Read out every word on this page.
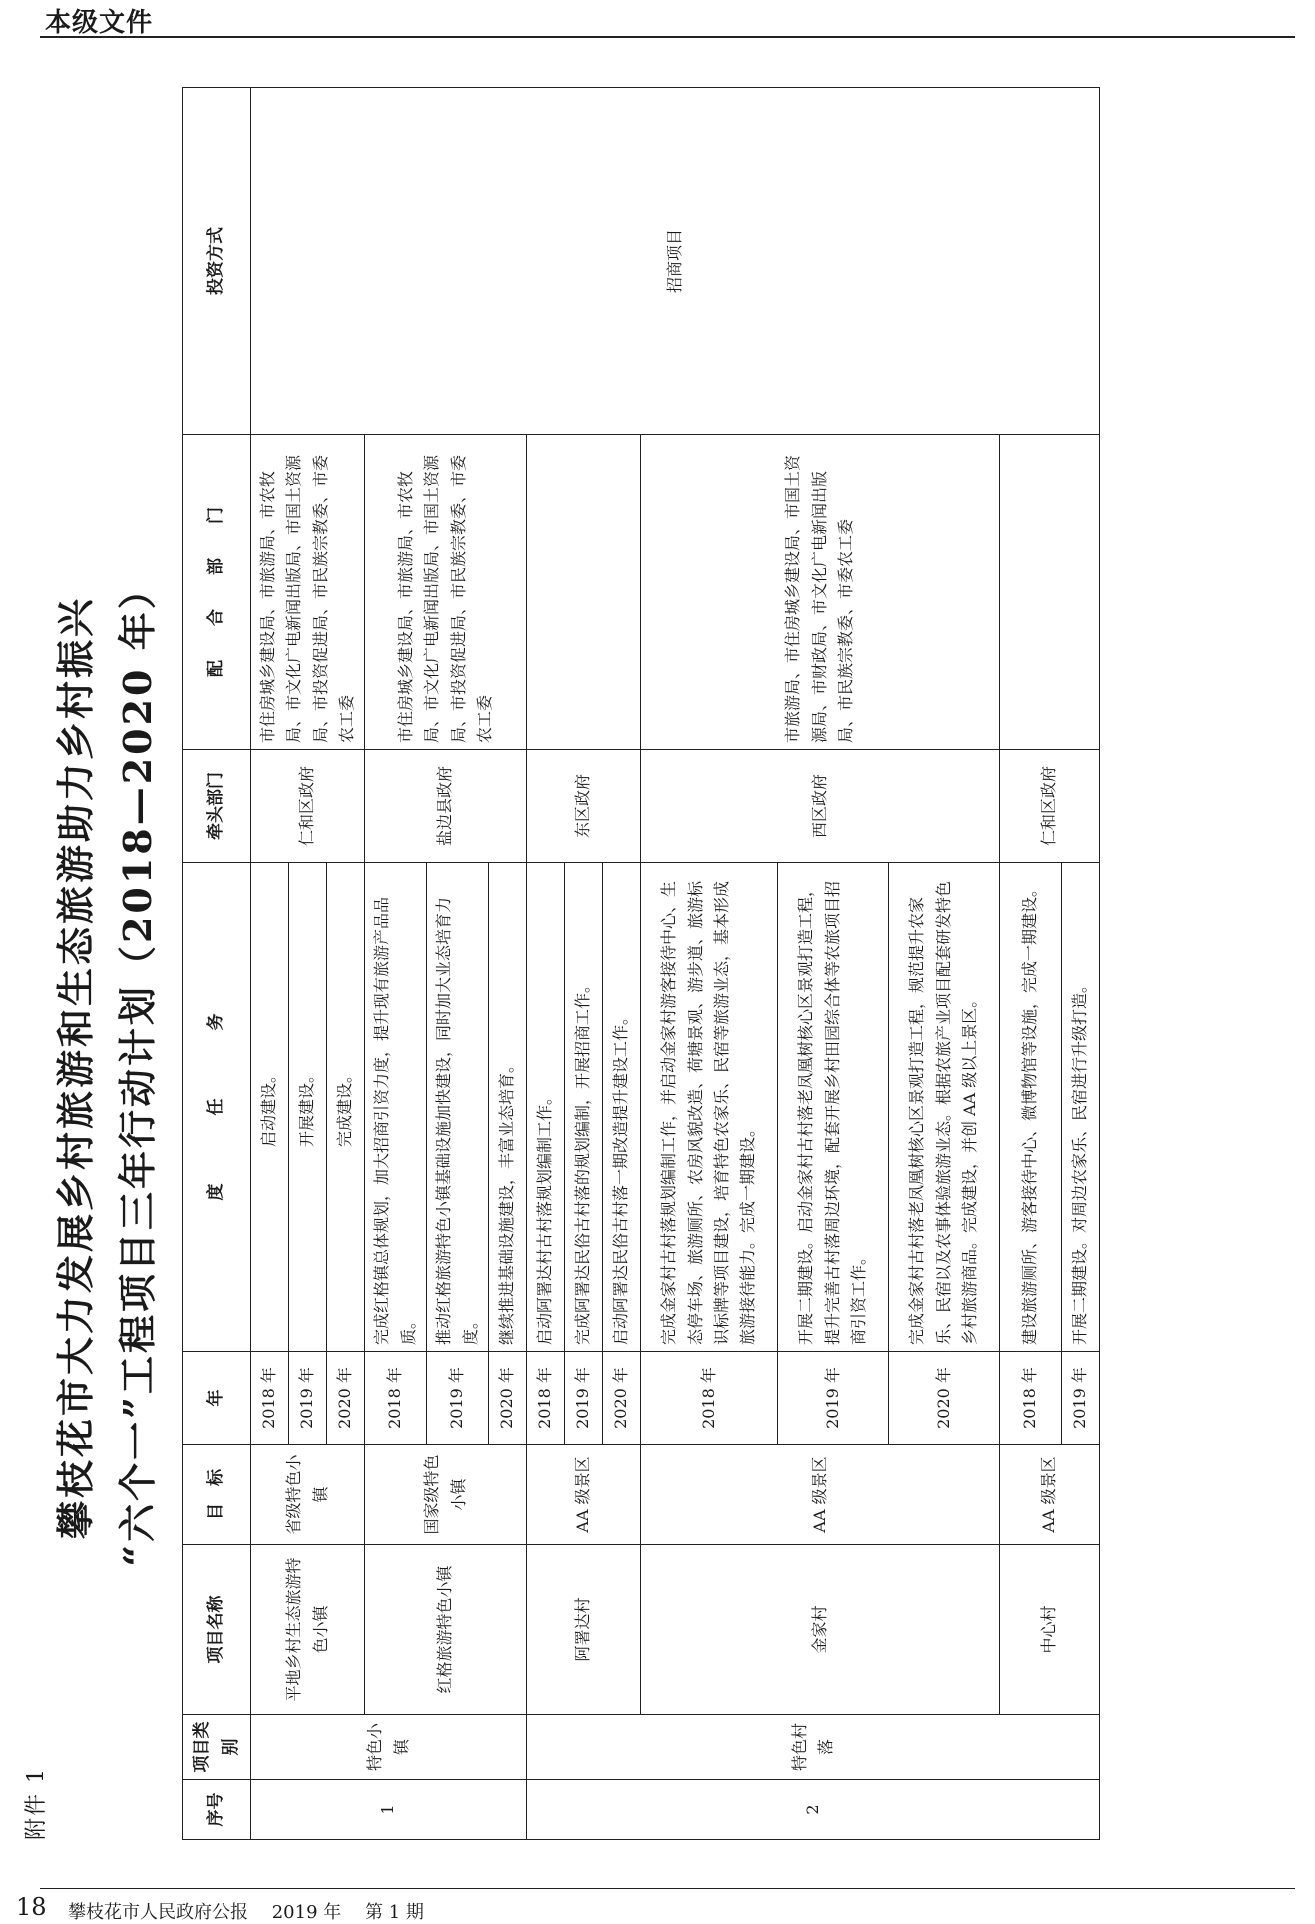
本级文件
附件 1
攀枝花市大力发展乡村旅游和生态旅游助力乡村振兴 “六个一”工程项目三年行动计划（2018—2020 年）
序号	项目类别	项目名称	目　标	年	度　　　　任　　　　务	牵头部门	配　　合　　部　　门	投资方式
1	特色小镇	平地乡村生态旅游特色小镇	省级特色小镇	2018 年	启动建设。	仁和区政府	市住房城乡建设局、市旅游局、市农牧局、市文化广电新闻出版局、市国土资源局、市投资促进局、市民族宗教委、市委农工委	招商项目
				2019 年	开展建设。			
				2020 年	完成建设。			
		红格旅游特色小镇	国家级特色小镇	2018 年	完成红格镇总体规划，加大招商引资力度，提升现有旅游产品品质。	盐边县政府	市住房城乡建设局、市旅游局、市农牧局、市文化广电新闻出版局、市国土资源局、市投资促进局、市民族宗教委、市委农工委	
				2019 年	推动红格旅游特色小镇基础设施加快建设，同时加大业态培育力度。			
				2020 年	继续推进基础设施建设，丰富业态培育。			
2	特色村落	阿署达村	AA 级景区	2018 年	启动阿署达村古村落规划编制工作。	东区政府		
				2019 年	完成阿署达民俗古村落的规划编制，开展招商工作。			
				2020 年	启动阿署达民俗古村落一期改造提升建设工作。			
		金家村	AA 级景区	2018 年	完成金家村古村落规划编制工作，并启动金家村游客接待中心、生态停车场、旅游厕所、农房风貌改造、荷塘景观、游步道、旅游标识标牌等项目建设，培育特色农家乐、民宿等旅游业态，基本形成旅游接待能力。完成一期建设。	西区政府	市旅游局、市住房城乡建设局、市国土资源局、市财政局、市文化广电新闻出版局、市民族宗教委、市委农工委	
				2019 年	开展二期建设。启动金家村古村落老凤凰树核心区景观打造工程，提升完善古村落周边环境，配套开展乡村田园综合体等农旅项目招商引资工作。			
				2020 年	完成金家村古村落老凤凰树核心区景观打造工程，规范提升农家乐、民宿以及农事体验旅游业态。根据农旅产业项目配套研发特色乡村旅游商品。完成建设，并创 AA 级以上景区。			
		中心村	AA 级景区	2018 年	建设旅游厕所、游客接待中心、微博物馆等设施，完成一期建设。	仁和区政府		
				2019 年	开展二期建设。对周边农家乐、民宿进行升级打造。			
18 攀枝花市人民政府公报 2019 年 第 1 期
